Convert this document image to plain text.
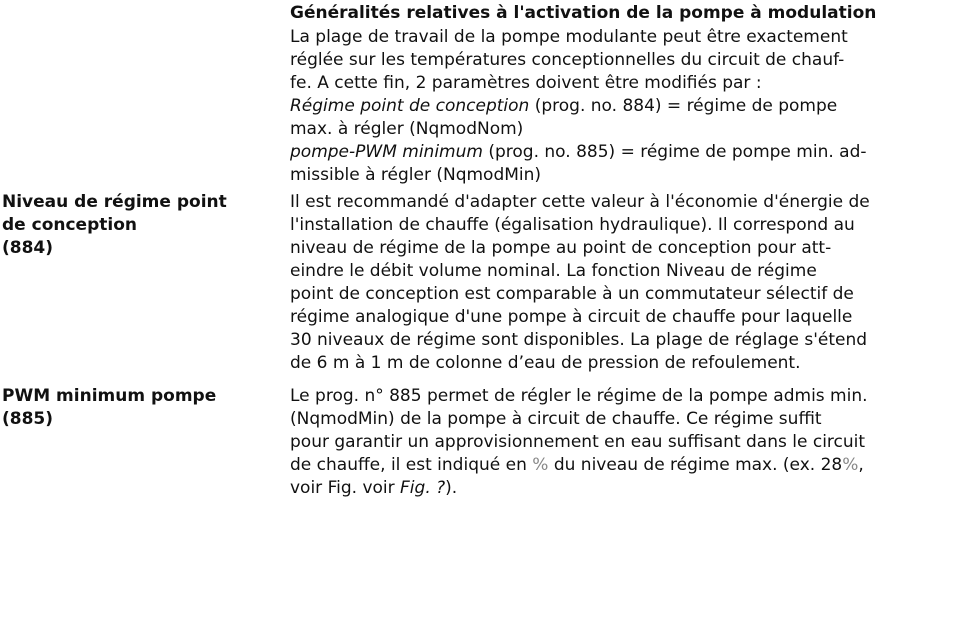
Généralités relatives à l'activation de la pompe à modulation
La plage de travail de la pompe modulante peut être exactement
réglée sur les températures conceptionnelles du circuit de chauf-
fe. A cette fin, 2 paramètres doivent être modifiés par :
Régime point de conception (prog. no. 884) = régime de pompe
max. à régler (NqmodNom)
pompe-PWM minimum (prog. no. 885) = régime de pompe min. ad-
missible à régler (NqmodMin)
Niveau de régime point
de conception
(884)
Il est recommandé d'adapter cette valeur à l'économie d'énergie de
l'installation de chauffe (égalisation hydraulique). Il correspond au
niveau de régime de la pompe au point de conception pour att-
eindre le débit volume nominal. La fonction Niveau de régime
point de conception est comparable à un commutateur sélectif de
régime analogique d'une pompe à circuit de chauffe pour laquelle
30 niveaux de régime sont disponibles. La plage de réglage s'étend
de 6 m à 1 m de colonne d’eau de pression de refoulement.
PWM minimum pompe
(885)
Le prog. n° 885 permet de régler le régime de la pompe admis min.
(NqmodMin) de la pompe à circuit de chauffe. Ce régime suffit
pour garantir un approvisionnement en eau suffisant dans le circuit
de chauffe, il est indiqué en % du niveau de régime max. (ex. 28%,
voir Fig. voir Fig. ?).
